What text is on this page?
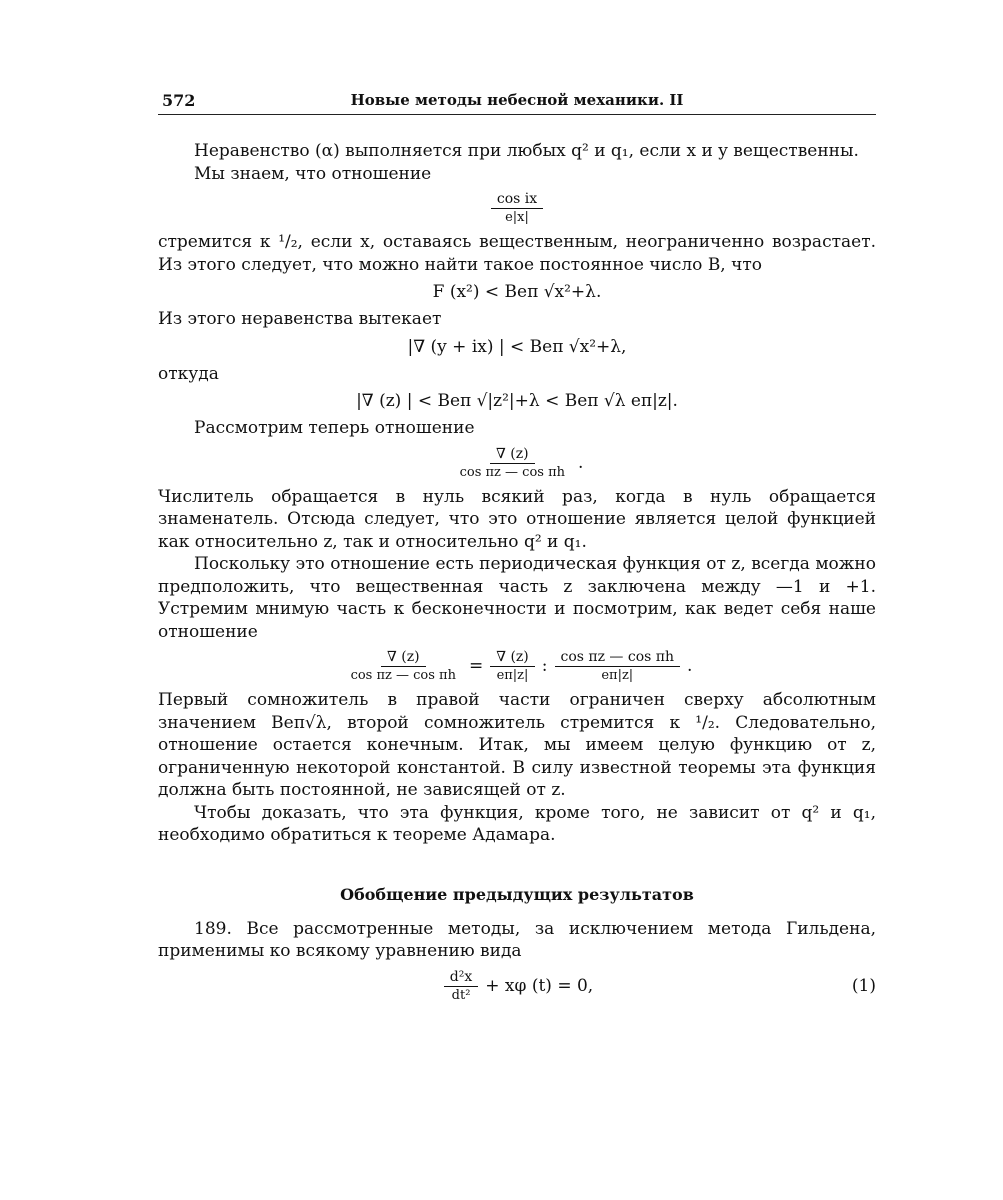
572	Новые методы небесной механики. II

Неравенство (α) выполняется при любых q² и q₁, если x и y вещественны.

Мы знаем, что отношение

$\frac{\text{cos ix}}{e|x|}$

стремится к ¹/₂, если x, оставаясь вещественным, неограниченно возрастает. Из этого следует, что можно найти такое постоянное число B, что

F (x²) < Beπ √x²+λ.

Из этого неравенства вытекает

|∇ (y + ix) | < Beπ √x²+λ,

откуда

|∇ (z) | < Beπ √|z²|+λ < Beπ √λ eπ|z|.

Рассмотрим теперь отношение

$\frac{\nabla (z)}{\text{cos πz — cos πh}}$ .

Числитель обращается в нуль всякий раз, когда в нуль обращается знаменатель. Отсюда следует, что это отношение является целой функцией как относительно z, так и относительно q² и q₁.

Поскольку это отношение есть периодическая функция от z, всегда можно предположить, что вещественная часть z заключена между —1 и +1. Устремим мнимую часть к бесконечности и посмотрим, как ведет себя наше отношение

$\frac{\nabla (z)}{\text{cos πz — cos πh}} = \frac{\nabla (z)}{e\pi|z|}$ : $\frac{\text{cos πz — cos πh}}{e\pi|z|}$ .

Первый сомножитель в правой части ограничен сверху абсолютным значением Beπ√λ, второй сомножитель стремится к ¹/₂. Следовательно, отношение остается конечным. Итак, мы имеем целую функцию от z, ограниченную некоторой константой. В силу известной теоремы эта функция должна быть постоянной, не зависящей от z.

Чтобы доказать, что эта функция, кроме того, не зависит от q² и q₁, необходимо обратиться к теореме Адамара.

Обобщение предыдущих результатов

189. Все рассмотренные методы, за исключением метода Гильдена, применимы ко всякому уравнению вида

$\frac{\text{d²x}}{\text{dt²}} + x\varphi$ (t) = 0,	(1)
